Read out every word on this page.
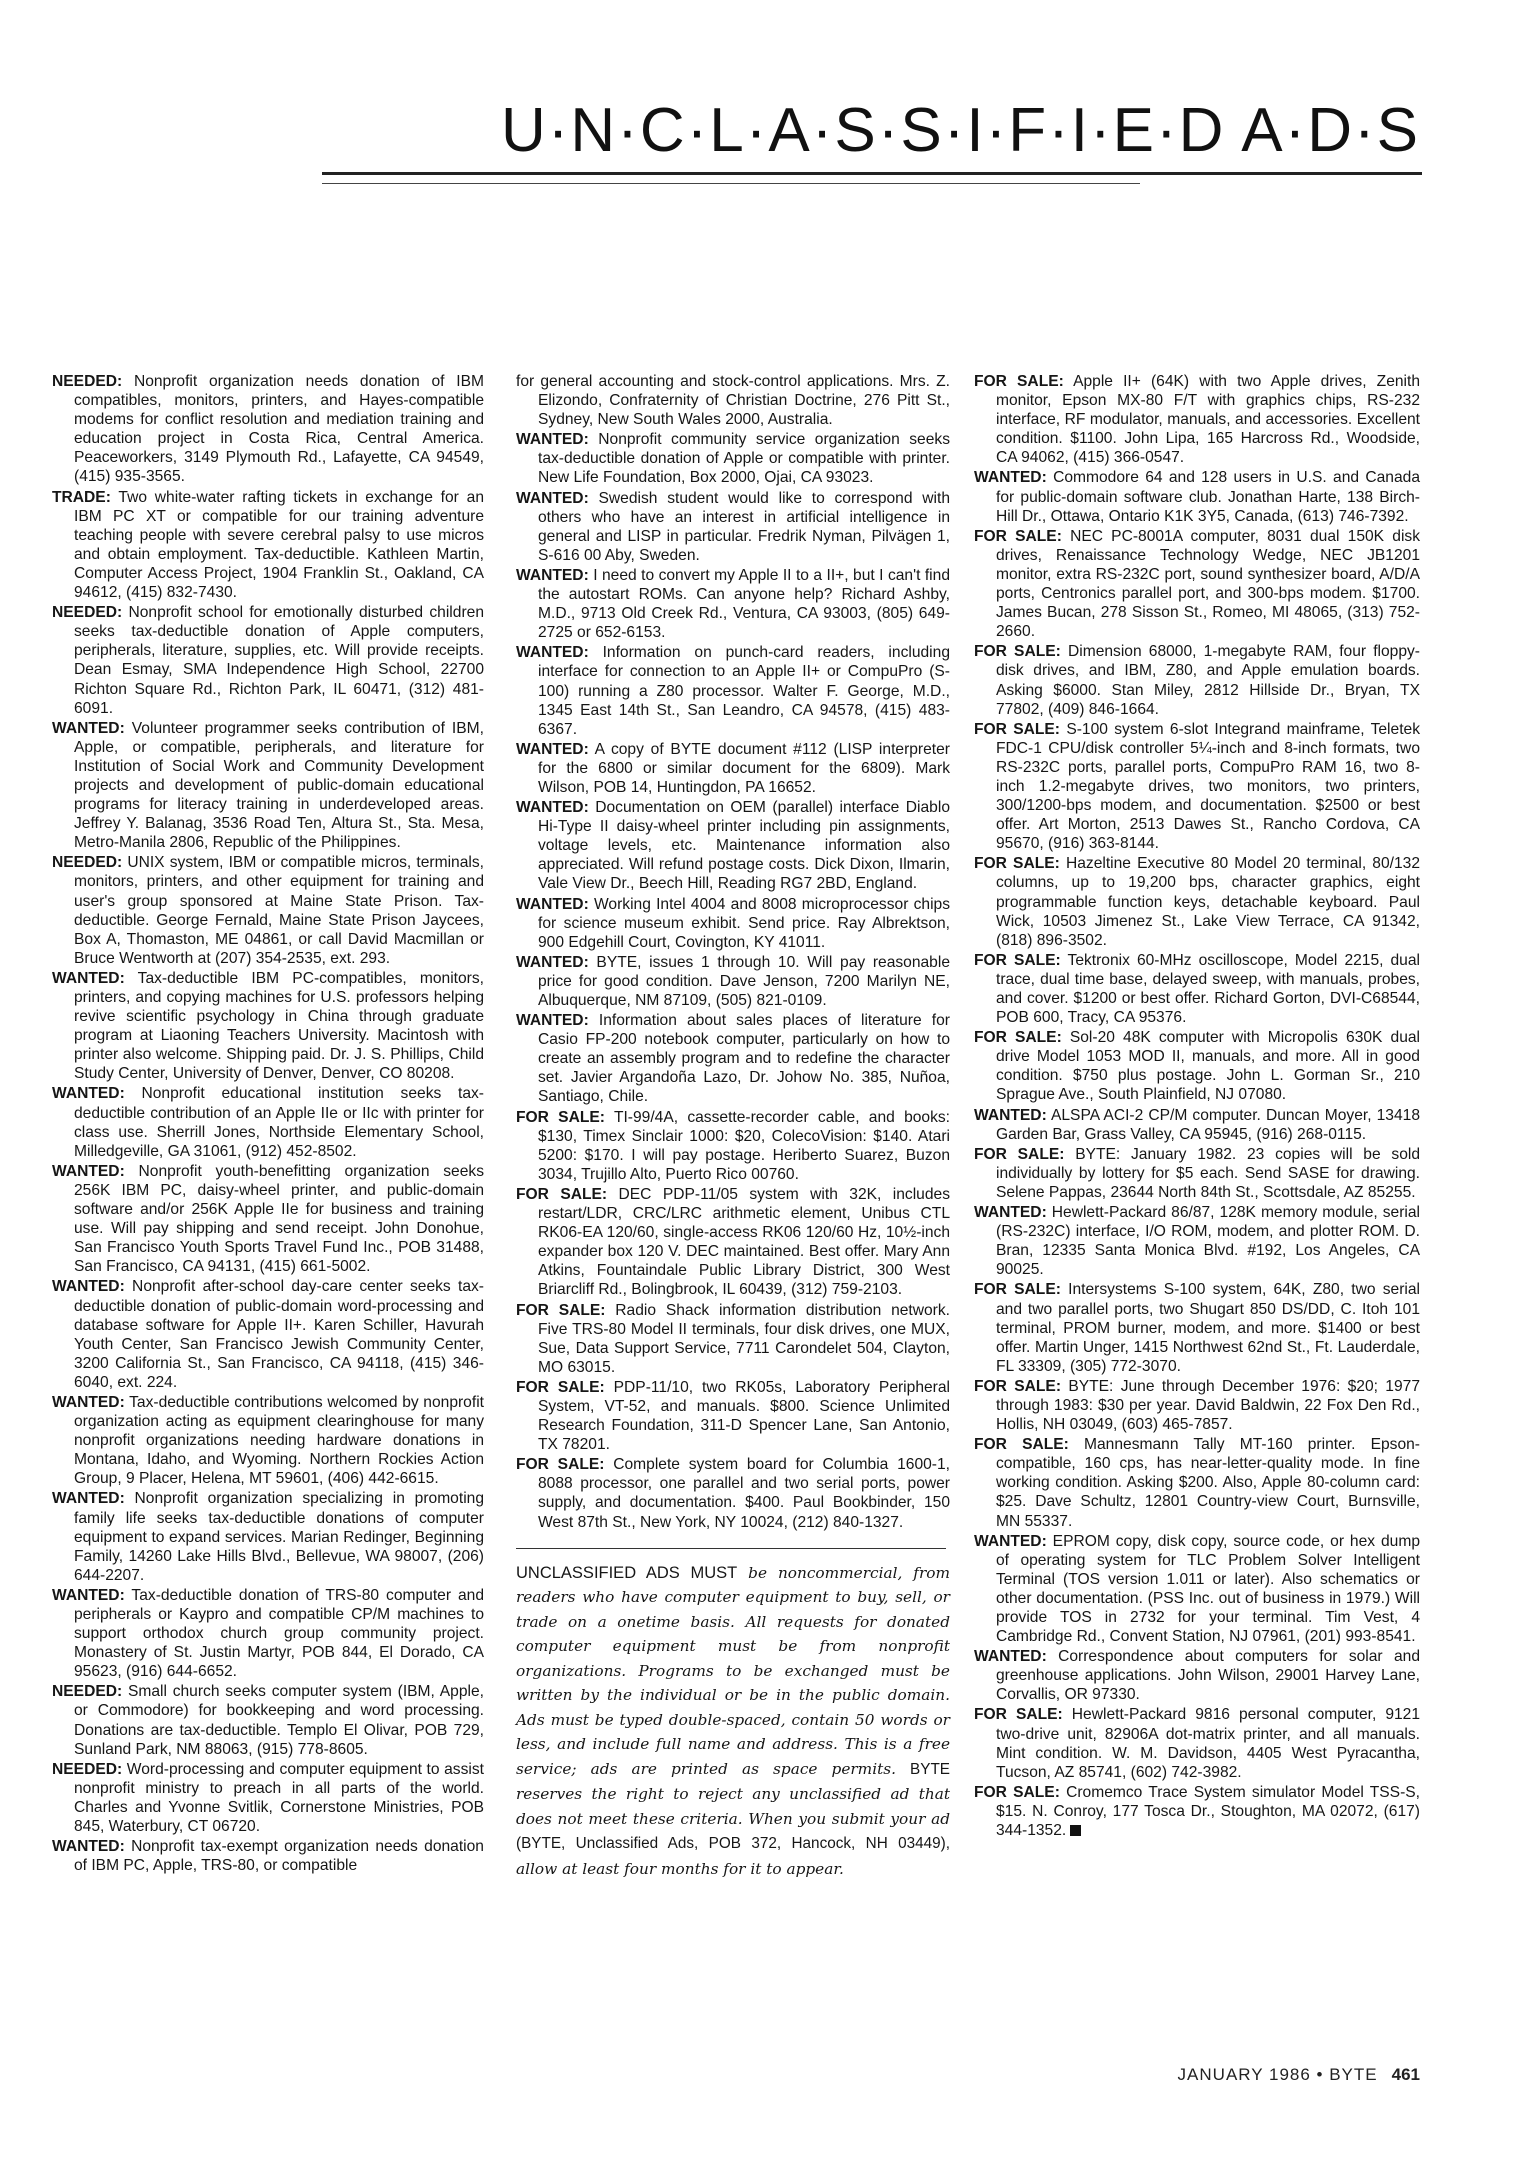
U·N·C·L·A·S·S·I·F·I·E·D A·D·S

NEEDED: Nonprofit organization needs donation of IBM compatibles, monitors, printers, and Hayes-compatible modems for conflict resolution and mediation training and education project in Costa Rica, Central America. Peaceworkers, 3149 Plymouth Rd., Lafayette, CA 94549, (415) 935-3565.

TRADE: Two white-water rafting tickets in exchange for an IBM PC XT or compatible for our training adventure teaching people with severe cerebral palsy to use micros and obtain employment. Tax-deductible. Kathleen Martin, Computer Access Project, 1904 Franklin St., Oakland, CA 94612, (415) 832-7430.

NEEDED: Nonprofit school for emotionally disturbed children seeks tax-deductible donation of Apple computers, peripherals, literature, supplies, etc. Will provide receipts. Dean Esmay, SMA Independence High School, 22700 Richton Square Rd., Richton Park, IL 60471, (312) 481-6091.

WANTED: Volunteer programmer seeks contribution of IBM, Apple, or compatible, peripherals, and literature for Institution of Social Work and Community Development projects and development of public-domain educational programs for literacy training in underdeveloped areas. Jeffrey Y. Balanag, 3536 Road Ten, Altura St., Sta. Mesa, Metro-Manila 2806, Republic of the Philippines.

NEEDED: UNIX system, IBM or compatible micros, terminals, monitors, printers, and other equipment for training and user's group sponsored at Maine State Prison. Tax-deductible. George Fernald, Maine State Prison Jaycees, Box A, Thomaston, ME 04861, or call David Macmillan or Bruce Wentworth at (207) 354-2535, ext. 293.

WANTED: Tax-deductible IBM PC-compatibles, monitors, printers, and copying machines for U.S. professors helping revive scientific psychology in China through graduate program at Liaoning Teachers University. Macintosh with printer also welcome. Shipping paid. Dr. J. S. Phillips, Child Study Center, University of Denver, Denver, CO 80208.

WANTED: Nonprofit educational institution seeks tax-deductible contribution of an Apple IIe or IIc with printer for class use. Sherrill Jones, Northside Elementary School, Milledgeville, GA 31061, (912) 452-8502.

WANTED: Nonprofit youth-benefitting organization seeks 256K IBM PC, daisy-wheel printer, and public-domain software and/or 256K Apple IIe for business and training use. Will pay shipping and send receipt. John Donohue, San Francisco Youth Sports Travel Fund Inc., POB 31488, San Francisco, CA 94131, (415) 661-5002.

WANTED: Nonprofit after-school day-care center seeks tax-deductible donation of public-domain word-processing and database software for Apple II+. Karen Schiller, Havurah Youth Center, San Francisco Jewish Community Center, 3200 California St., San Francisco, CA 94118, (415) 346-6040, ext. 224.

WANTED: Tax-deductible contributions welcomed by nonprofit organization acting as equipment clearinghouse for many nonprofit organizations needing hardware donations in Montana, Idaho, and Wyoming. Northern Rockies Action Group, 9 Placer, Helena, MT 59601, (406) 442-6615.

WANTED: Nonprofit organization specializing in promoting family life seeks tax-deductible donations of computer equipment to expand services. Marian Redinger, Beginning Family, 14260 Lake Hills Blvd., Bellevue, WA 98007, (206) 644-2207.

WANTED: Tax-deductible donation of TRS-80 computer and peripherals or Kaypro and compatible CP/M machines to support orthodox church group community project. Monastery of St. Justin Martyr, POB 844, El Dorado, CA 95623, (916) 644-6652.

NEEDED: Small church seeks computer system (IBM, Apple, or Commodore) for bookkeeping and word processing. Donations are tax-deductible. Templo El Olivar, POB 729, Sunland Park, NM 88063, (915) 778-8605.

NEEDED: Word-processing and computer equipment to assist nonprofit ministry to preach in all parts of the world. Charles and Yvonne Svitlik, Cornerstone Ministries, POB 845, Waterbury, CT 06720.

WANTED: Nonprofit tax-exempt organization needs donation of IBM PC, Apple, TRS-80, or compatible

for general accounting and stock-control applications. Mrs. Z. Elizondo, Confraternity of Christian Doctrine, 276 Pitt St., Sydney, New South Wales 2000, Australia.

WANTED: Nonprofit community service organization seeks tax-deductible donation of Apple or compatible with printer. New Life Foundation, Box 2000, Ojai, CA 93023.

WANTED: Swedish student would like to correspond with others who have an interest in artificial intelligence in general and LISP in particular. Fredrik Nyman, Pilvägen 1, S-616 00 Aby, Sweden.

WANTED: I need to convert my Apple II to a II+, but I can't find the autostart ROMs. Can anyone help? Richard Ashby, M.D., 9713 Old Creek Rd., Ventura, CA 93003, (805) 649-2725 or 652-6153.

WANTED: Information on punch-card readers, including interface for connection to an Apple II+ or CompuPro (S-100) running a Z80 processor. Walter F. George, M.D., 1345 East 14th St., San Leandro, CA 94578, (415) 483-6367.

WANTED: A copy of BYTE document #112 (LISP interpreter for the 6800 or similar document for the 6809). Mark Wilson, POB 14, Huntingdon, PA 16652.

WANTED: Documentation on OEM (parallel) interface Diablo Hi-Type II daisy-wheel printer including pin assignments, voltage levels, etc. Maintenance information also appreciated. Will refund postage costs. Dick Dixon, Ilmarin, Vale View Dr., Beech Hill, Reading RG7 2BD, England.

WANTED: Working Intel 4004 and 8008 microprocessor chips for science museum exhibit. Send price. Ray Albrektson, 900 Edgehill Court, Covington, KY 41011.

WANTED: BYTE, issues 1 through 10. Will pay reasonable price for good condition. Dave Jenson, 7200 Marilyn NE, Albuquerque, NM 87109, (505) 821-0109.

WANTED: Information about sales places of literature for Casio FP-200 notebook computer, particularly on how to create an assembly program and to redefine the character set. Javier Argandoña Lazo, Dr. Johow No. 385, Nuñoa, Santiago, Chile.

FOR SALE: TI-99/4A, cassette-recorder cable, and books: $130, Timex Sinclair 1000: $20, ColecoVision: $140. Atari 5200: $170. I will pay postage. Heriberto Suarez, Buzon 3034, Trujillo Alto, Puerto Rico 00760.

FOR SALE: DEC PDP-11/05 system with 32K, includes restart/LDR, CRC/LRC arithmetic element, Unibus CTL RK06-EA 120/60, single-access RK06 120/60 Hz, 10½-inch expander box 120 V. DEC maintained. Best offer. Mary Ann Atkins, Fountaindale Public Library District, 300 West Briarcliff Rd., Bolingbrook, IL 60439, (312) 759-2103.

FOR SALE: Radio Shack information distribution network. Five TRS-80 Model II terminals, four disk drives, one MUX, Sue, Data Support Service, 7711 Carondelet 504, Clayton, MO 63015.

FOR SALE: PDP-11/10, two RK05s, Laboratory Peripheral System, VT-52, and manuals. $800. Science Unlimited Research Foundation, 311-D Spencer Lane, San Antonio, TX 78201.

FOR SALE: Complete system board for Columbia 1600-1, 8088 processor, one parallel and two serial ports, power supply, and documentation. $400. Paul Bookbinder, 150 West 87th St., New York, NY 10024, (212) 840-1327.

UNCLASSIFIED ADS MUST be noncommercial, from readers who have computer equipment to buy, sell, or trade on a onetime basis. All requests for donated computer equipment must be from nonprofit organizations. Programs to be exchanged must be written by the individual or be in the public domain. Ads must be typed double-spaced, contain 50 words or less, and include full name and address. This is a free service; ads are printed as space permits. BYTE reserves the right to reject any unclassified ad that does not meet these criteria. When you submit your ad (BYTE, Unclassified Ads, POB 372, Hancock, NH 03449), allow at least four months for it to appear.

FOR SALE: Apple II+ (64K) with two Apple drives, Zenith monitor, Epson MX-80 F/T with graphics chips, RS-232 interface, RF modulator, manuals, and accessories. Excellent condition. $1100. John Lipa, 165 Harcross Rd., Woodside, CA 94062, (415) 366-0547.

WANTED: Commodore 64 and 128 users in U.S. and Canada for public-domain software club. Jonathan Harte, 138 Birch-Hill Dr., Ottawa, Ontario K1K 3Y5, Canada, (613) 746-7392.

FOR SALE: NEC PC-8001A computer, 8031 dual 150K disk drives, Renaissance Technology Wedge, NEC JB1201 monitor, extra RS-232C port, sound synthesizer board, A/D/A ports, Centronics parallel port, and 300-bps modem. $1700. James Bucan, 278 Sisson St., Romeo, MI 48065, (313) 752-2660.

FOR SALE: Dimension 68000, 1-megabyte RAM, four floppy-disk drives, and IBM, Z80, and Apple emulation boards. Asking $6000. Stan Miley, 2812 Hillside Dr., Bryan, TX 77802, (409) 846-1664.

FOR SALE: S-100 system 6-slot Integrand mainframe, Teletek FDC-1 CPU/disk controller 5¼-inch and 8-inch formats, two RS-232C ports, parallel ports, CompuPro RAM 16, two 8-inch 1.2-megabyte drives, two monitors, two printers, 300/1200-bps modem, and documentation. $2500 or best offer. Art Morton, 2513 Dawes St., Rancho Cordova, CA 95670, (916) 363-8144.

FOR SALE: Hazeltine Executive 80 Model 20 terminal, 80/132 columns, up to 19,200 bps, character graphics, eight programmable function keys, detachable keyboard. Paul Wick, 10503 Jimenez St., Lake View Terrace, CA 91342, (818) 896-3502.

FOR SALE: Tektronix 60-MHz oscilloscope, Model 2215, dual trace, dual time base, delayed sweep, with manuals, probes, and cover. $1200 or best offer. Richard Gorton, DVI-C68544, POB 600, Tracy, CA 95376.

FOR SALE: Sol-20 48K computer with Micropolis 630K dual drive Model 1053 MOD II, manuals, and more. All in good condition. $750 plus postage. John L. Gorman Sr., 210 Sprague Ave., South Plainfield, NJ 07080.

WANTED: ALSPA ACI-2 CP/M computer. Duncan Moyer, 13418 Garden Bar, Grass Valley, CA 95945, (916) 268-0115.

FOR SALE: BYTE: January 1982. 23 copies will be sold individually by lottery for $5 each. Send SASE for drawing. Selene Pappas, 23644 North 84th St., Scottsdale, AZ 85255.

WANTED: Hewlett-Packard 86/87, 128K memory module, serial (RS-232C) interface, I/O ROM, modem, and plotter ROM. D. Bran, 12335 Santa Monica Blvd. #192, Los Angeles, CA 90025.

FOR SALE: Intersystems S-100 system, 64K, Z80, two serial and two parallel ports, two Shugart 850 DS/DD, C. Itoh 101 terminal, PROM burner, modem, and more. $1400 or best offer. Martin Unger, 1415 Northwest 62nd St., Ft. Lauderdale, FL 33309, (305) 772-3070.

FOR SALE: BYTE: June through December 1976: $20; 1977 through 1983: $30 per year. David Baldwin, 22 Fox Den Rd., Hollis, NH 03049, (603) 465-7857.

FOR SALE: Mannesmann Tally MT-160 printer. Epson-compatible, 160 cps, has near-letter-quality mode. In fine working condition. Asking $200. Also, Apple 80-column card: $25. Dave Schultz, 12801 Country-view Court, Burnsville, MN 55337.

WANTED: EPROM copy, disk copy, source code, or hex dump of operating system for TLC Problem Solver Intelligent Terminal (TOS version 1.011 or later). Also schematics or other documentation. (PSS Inc. out of business in 1979.) Will provide TOS in 2732 for your terminal. Tim Vest, 4 Cambridge Rd., Convent Station, NJ 07961, (201) 993-8541.

WANTED: Correspondence about computers for solar and greenhouse applications. John Wilson, 29001 Harvey Lane, Corvallis, OR 97330.

FOR SALE: Hewlett-Packard 9816 personal computer, 9121 two-drive unit, 82906A dot-matrix printer, and all manuals. Mint condition. W. M. Davidson, 4405 West Pyracantha, Tucson, AZ 85741, (602) 742-3982.

FOR SALE: Cromemco Trace System simulator Model TSS-S, $15. N. Conroy, 177 Tosca Dr., Stoughton, MA 02072, (617) 344-1352.

JANUARY 1986 • BYTE 461
